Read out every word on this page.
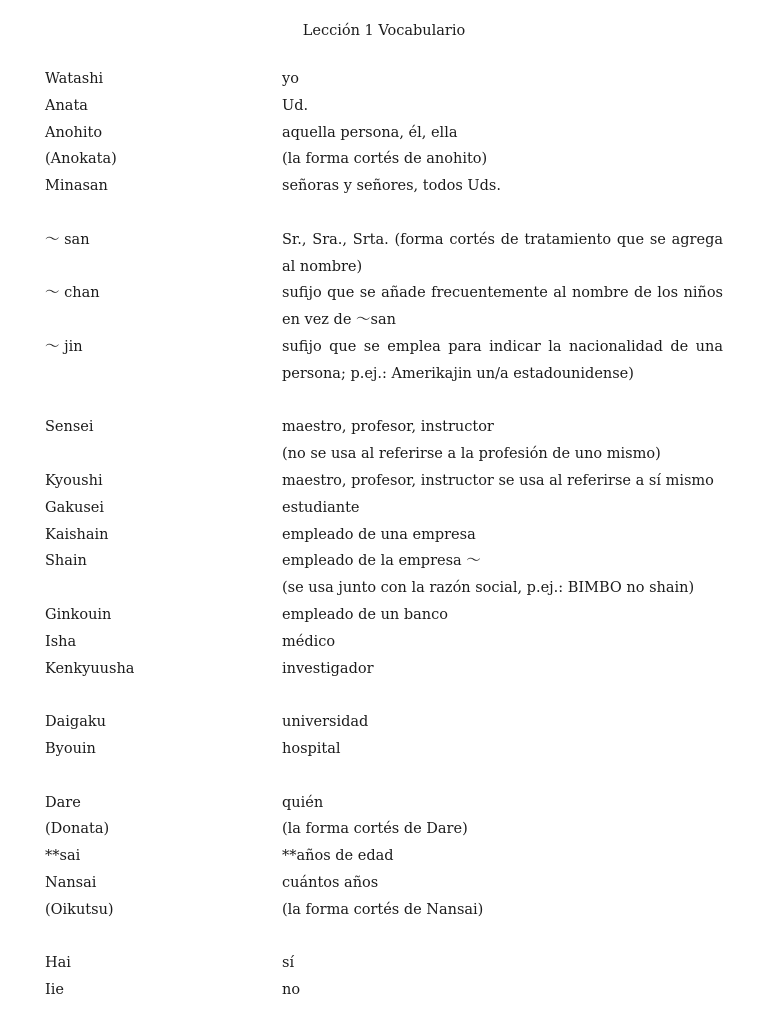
Lección 1 Vocabulario
Watashi	yo
Anata	Ud.
Anohito	aquella persona, él, ella
(Anokata)	(la forma cortés de anohito)
Minasan	señoras y señores, todos Uds.
～ san	Sr., Sra., Srta. (forma cortés de tratamiento que se agrega al nombre)
～ chan	sufijo que se añade frecuentemente al nombre de los niños en vez de ～san
～ jin	sufijo que se emplea para indicar la nacionalidad de una persona; p.ej.: Amerikajin un/a estadounidense)
Sensei	maestro, profesor, instructor
(no se usa al referirse a la profesión de uno mismo)
Kyoushi	maestro, profesor, instructor se usa al referirse a sí mismo
Gakusei	estudiante
Kaishain	empleado de una empresa
Shain	empleado de la empresa ～
(se usa junto con la razón social, p.ej.: BIMBO no shain)
Ginkouin	empleado de un banco
Isha	médico
Kenkyuusha	investigador
Daigaku	universidad
Byouin	hospital
Dare	quién
(Donata)	(la forma cortés de Dare)
**sai	**años de edad
Nansai	cuántos años
(Oikutsu)	(la forma cortés de Nansai)
Hai	sí
Iie	no
